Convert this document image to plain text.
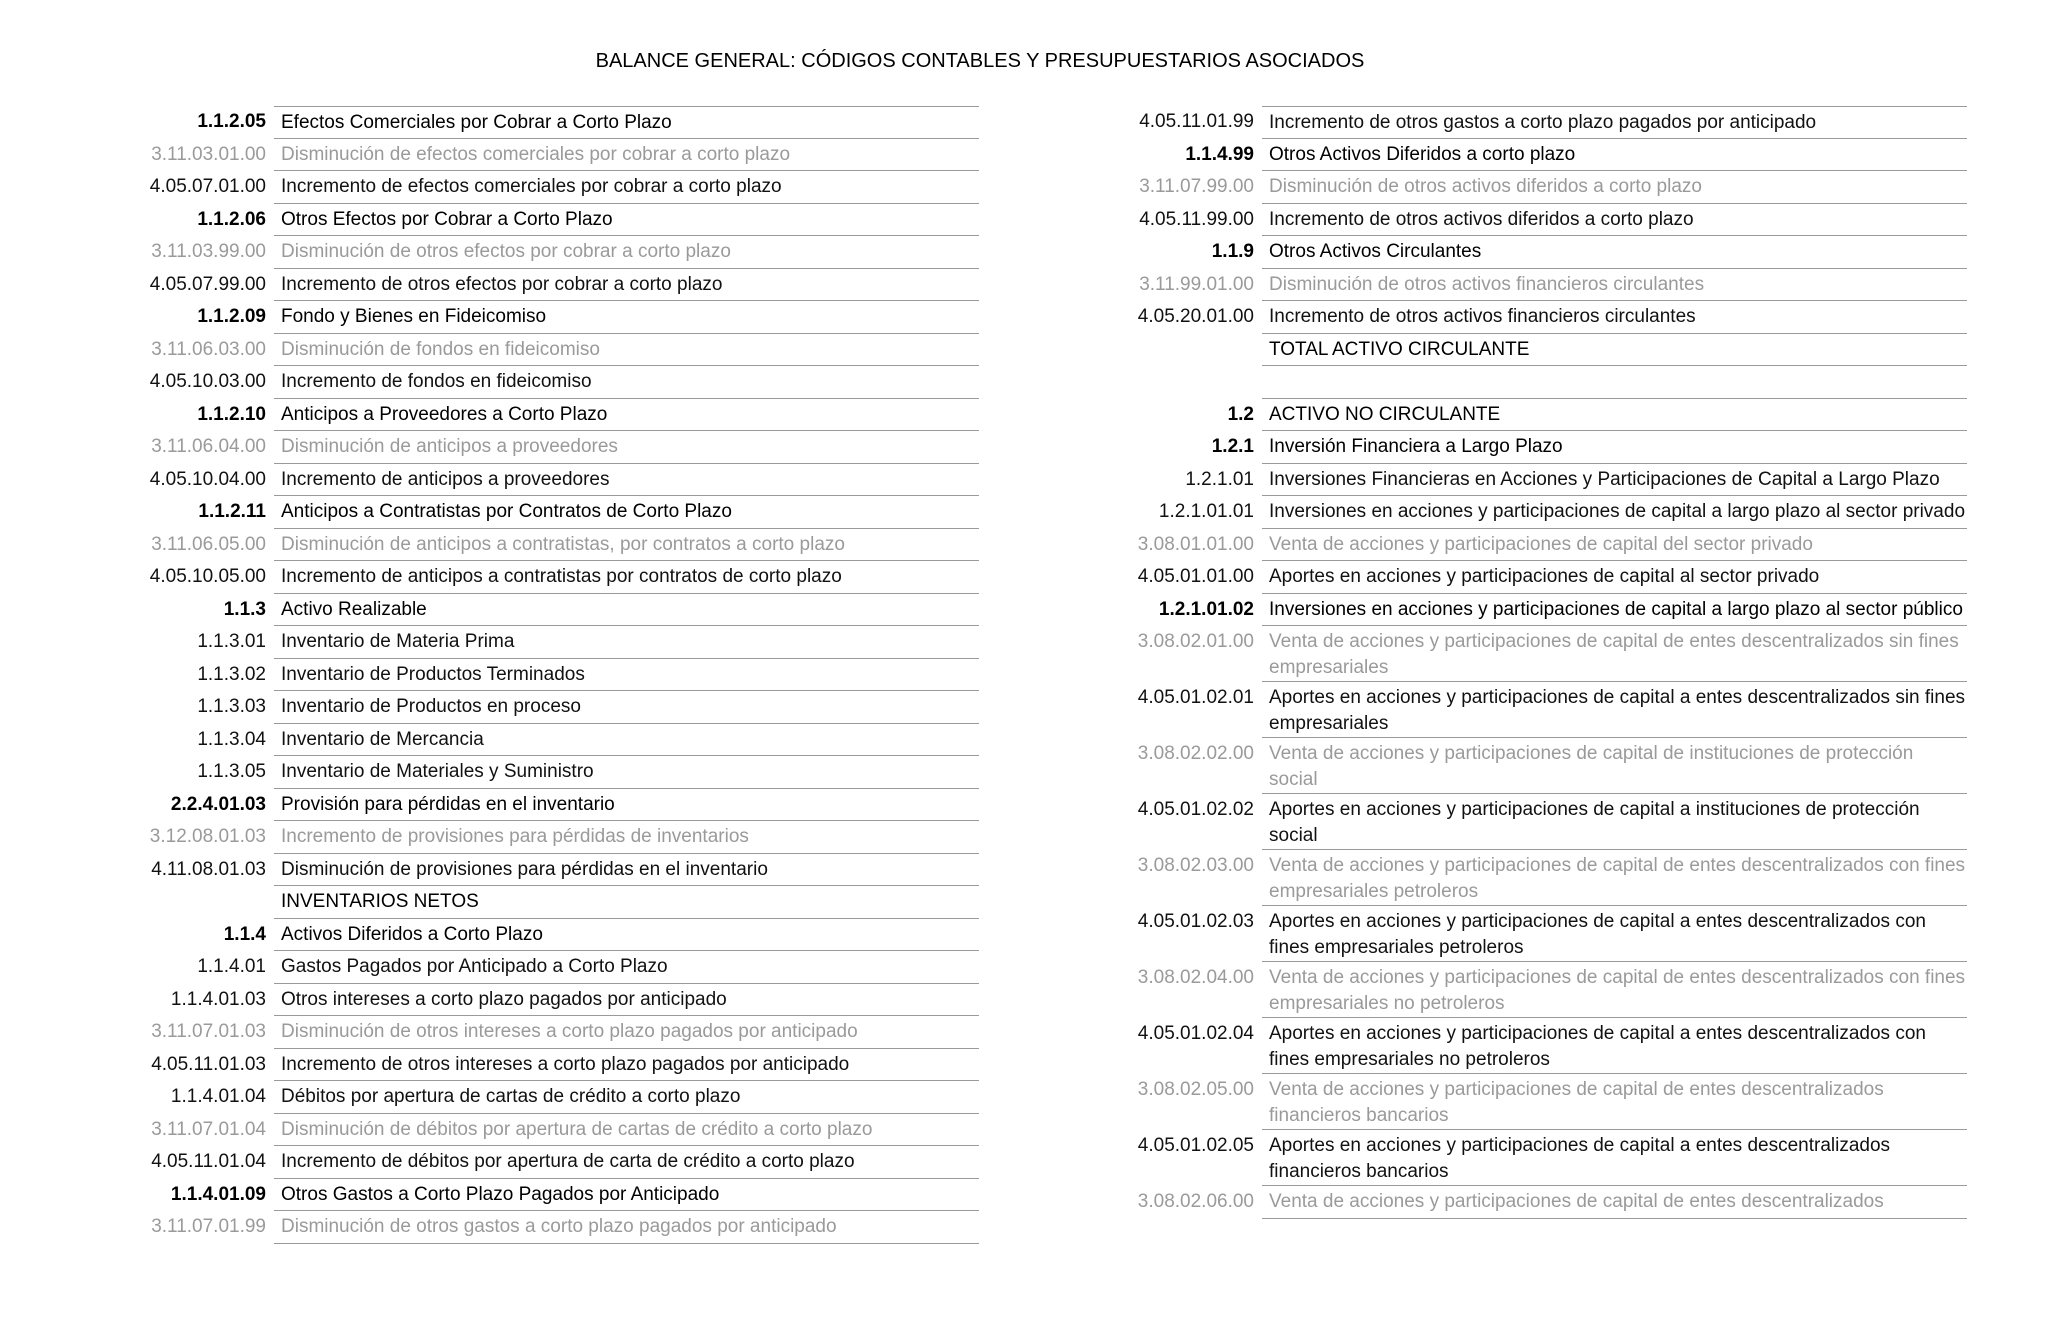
BALANCE GENERAL: CÓDIGOS CONTABLES Y PRESUPUESTARIOS ASOCIADOS
1.1.2.05 Efectos Comerciales por Cobrar a Corto Plazo
3.11.03.01.00 Disminución de efectos comerciales por cobrar a corto plazo
4.05.07.01.00 Incremento de efectos comerciales por cobrar a corto plazo
1.1.2.06 Otros Efectos por Cobrar a Corto Plazo
3.11.03.99.00 Disminución de otros efectos por cobrar a corto plazo
4.05.07.99.00 Incremento de otros efectos por cobrar a corto plazo
1.1.2.09 Fondo y Bienes en Fideicomiso
3.11.06.03.00 Disminución de fondos en fideicomiso
4.05.10.03.00 Incremento de fondos en fideicomiso
1.1.2.10 Anticipos a Proveedores a Corto Plazo
3.11.06.04.00 Disminución de anticipos a proveedores
4.05.10.04.00 Incremento de anticipos a proveedores
1.1.2.11 Anticipos a Contratistas por Contratos de Corto Plazo
3.11.06.05.00 Disminución de anticipos a contratistas, por contratos a corto plazo
4.05.10.05.00 Incremento de anticipos a contratistas por contratos de corto plazo
1.1.3 Activo Realizable
1.1.3.01 Inventario de Materia Prima
1.1.3.02 Inventario de Productos Terminados
1.1.3.03 Inventario de Productos en proceso
1.1.3.04 Inventario de Mercancia
1.1.3.05 Inventario de Materiales y Suministro
2.2.4.01.03 Provisión para pérdidas en el inventario
3.12.08.01.03 Incremento de provisiones para pérdidas de inventarios
4.11.08.01.03 Disminución de provisiones para pérdidas en el inventario
INVENTARIOS NETOS
1.1.4 Activos Diferidos a Corto Plazo
1.1.4.01 Gastos Pagados por Anticipado a Corto Plazo
1.1.4.01.03 Otros intereses a corto plazo pagados por anticipado
3.11.07.01.03 Disminución de otros intereses a corto plazo pagados por anticipado
4.05.11.01.03 Incremento de otros intereses a corto plazo pagados por anticipado
1.1.4.01.04 Débitos por apertura de cartas de crédito a corto plazo
3.11.07.01.04 Disminución de débitos por apertura de cartas de crédito a corto plazo
4.05.11.01.04 Incremento de débitos por apertura de carta de crédito a corto plazo
1.1.4.01.09 Otros Gastos a Corto Plazo Pagados por Anticipado
3.11.07.01.99 Disminución de otros gastos a corto plazo pagados por anticipado
4.05.11.01.99 Incremento de otros gastos a corto plazo pagados por anticipado
1.1.4.99 Otros Activos Diferidos a corto plazo
3.11.07.99.00 Disminución de otros activos diferidos a corto plazo
4.05.11.99.00 Incremento de otros activos diferidos a corto plazo
1.1.9 Otros Activos Circulantes
3.11.99.01.00 Disminución de otros activos financieros circulantes
4.05.20.01.00 Incremento de otros activos financieros circulantes
TOTAL ACTIVO CIRCULANTE
1.2 ACTIVO NO CIRCULANTE
1.2.1 Inversión Financiera a Largo Plazo
1.2.1.01 Inversiones Financieras en Acciones y Participaciones de Capital a Largo Plazo
1.2.1.01.01 Inversiones en acciones y participaciones de capital a largo plazo al sector privado
3.08.01.01.00 Venta de acciones y participaciones de capital del sector privado
4.05.01.01.00 Aportes en acciones y participaciones de capital al sector privado
1.2.1.01.02 Inversiones en acciones y participaciones de capital a largo plazo al sector público
3.08.02.01.00 Venta de acciones y participaciones de capital de entes descentralizados sin fines empresariales
4.05.01.02.01 Aportes en acciones y participaciones de capital a entes descentralizados sin fines empresariales
3.08.02.02.00 Venta de acciones y participaciones de capital de instituciones de protección social
4.05.01.02.02 Aportes en acciones y participaciones de capital a instituciones de protección social
3.08.02.03.00 Venta de acciones y participaciones de capital de entes descentralizados con fines empresariales petroleros
4.05.01.02.03 Aportes en acciones y participaciones de capital a entes descentralizados con fines empresariales petroleros
3.08.02.04.00 Venta de acciones y participaciones de capital de entes descentralizados con fines empresariales no petroleros
4.05.01.02.04 Aportes en acciones y participaciones de capital a entes descentralizados con fines empresariales no petroleros
3.08.02.05.00 Venta de acciones y participaciones de capital de entes descentralizados financieros bancarios
4.05.01.02.05 Aportes en acciones y participaciones de capital a entes descentralizados financieros bancarios
3.08.02.06.00 Venta de acciones y participaciones de capital de entes descentralizados
